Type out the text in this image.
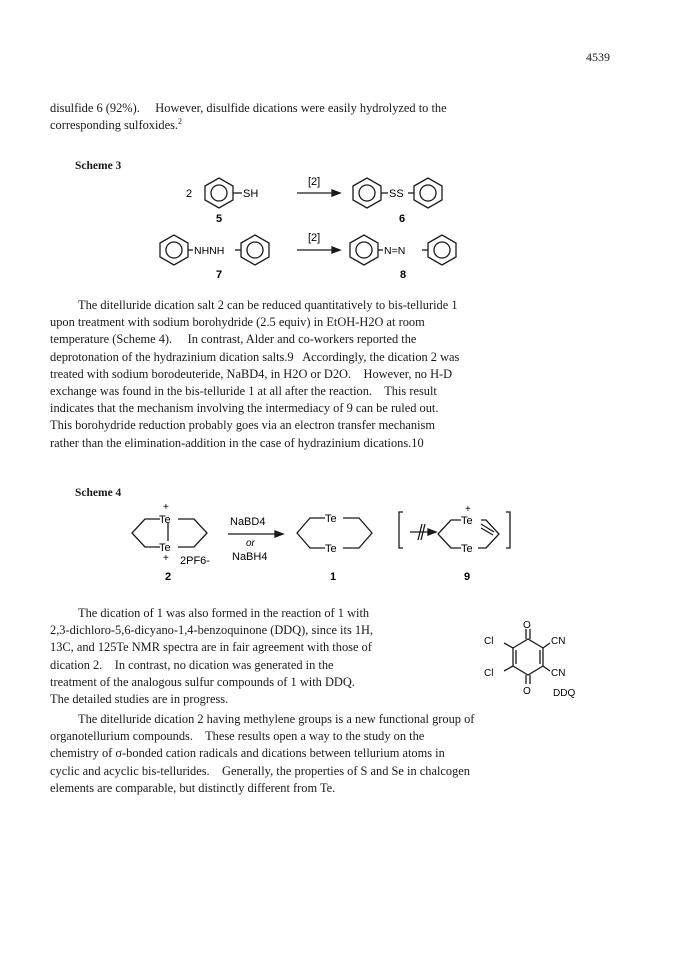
4539

disulfide 6 (92%).     However, disulfide dications were easily hydrolyzed to the

corresponding sulfoxides.$^2$

Scheme 3
2	SH
[2]
SS
5	6
NHNH
[2]
N=N
7	8

The ditelluride dication salt 2 can be reduced quantitatively to bis-telluride 1

upon treatment with sodium borohydride (2.5 equiv) in EtOH-H2O at room

temperature (Scheme 4).     In contrast, Alder and co-workers reported the

deprotonation of the hydrazinium dication salts.9   Accordingly, the dication 2 was

treated with sodium borodeuteride, NaBD4, in H2O or D2O.    However, no H-D

exchange was found in the bis-telluride 1 at all after the reaction.    This result

indicates that the mechanism involving the intermediacy of 9 can be ruled out.

This borohydride reduction probably goes via an electron transfer mechanism

rather than the elimination-addition in the case of hydrazinium dications.10

Scheme 4
+
Te
Te
+ 2PF6-
NaBD4
or
NaBH4
Te
Te
+
Te
Te
2	1	9

The dication of 1 was also formed in the reaction of 1 with

2,3-dichloro-5,6-dicyano-1,4-benzoquinone (DDQ), since its 1H,

13C, and 125Te NMR spectra are in fair agreement with those of

dication 2.    In contrast, no dication was generated in the

treatment of the analogous sulfur compounds of 1 with DDQ.

The detailed studies are in progress.

O
O
Cl
Cl
CN
CN
DDQ

The ditelluride dication 2 having methylene groups is a new functional group of

organotellurium compounds.    These results open a way to the study on the

chemistry of σ-bonded cation radicals and dications between tellurium atoms in

cyclic and acyclic bis-tellurides.    Generally, the properties of S and Se in chalcogen

elements are comparable, but distinctly different from Te.
